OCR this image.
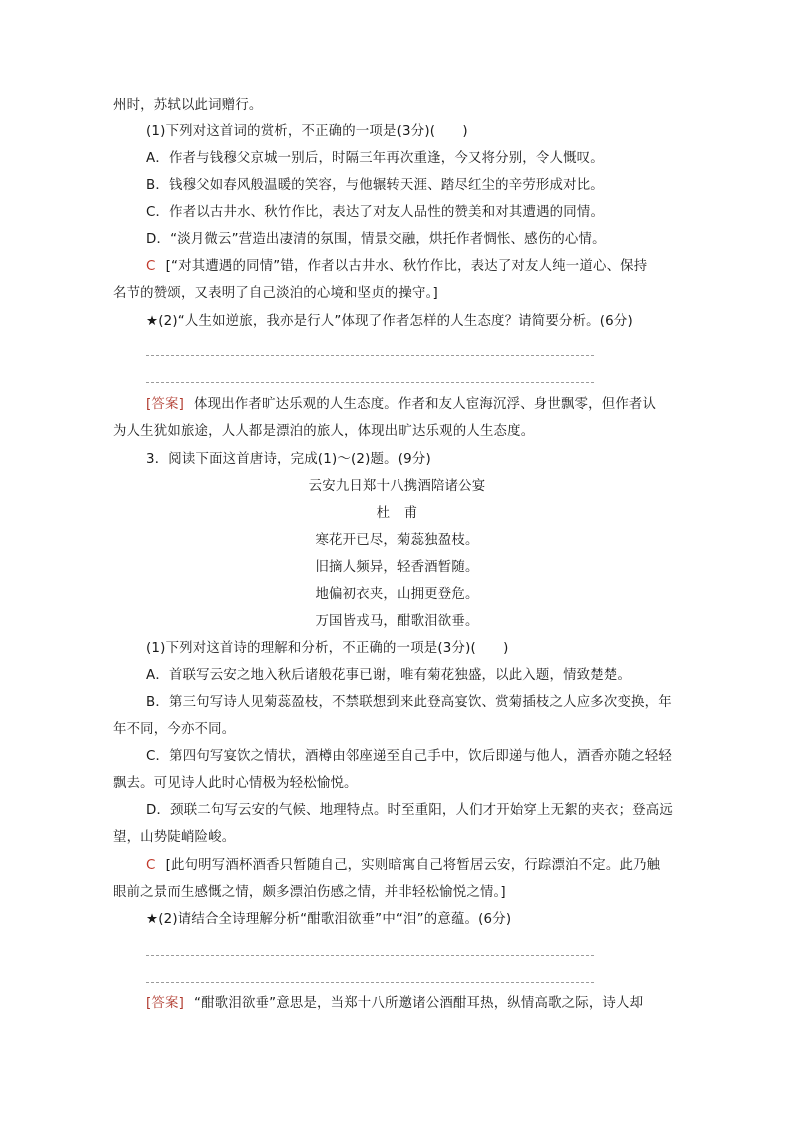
州时，苏轼以此词赠行。
(1)下列对这首词的赏析，不正确的一项是(3分)(　　)
A．作者与钱穆父京城一别后，时隔三年再次重逢，今又将分别，令人慨叹。
B．钱穆父如春风般温暖的笑容，与他辗转天涯、踏尽红尘的辛劳形成对比。
C．作者以古井水、秋竹作比，表达了对友人品性的赞美和对其遭遇的同情。
D．“淡月微云”营造出凄清的氛围，情景交融，烘托作者惆怅、感伤的心情。
C [“对其遭遇的同情”错，作者以古井水、秋竹作比，表达了对友人纯一道心、保持
名节的赞颂，又表明了自己淡泊的心境和坚贞的操守。]
★(2)“人生如逆旅，我亦是行人”体现了作者怎样的人生态度？请简要分析。(6分)
[答案] 体现出作者旷达乐观的人生态度。作者和友人宦海沉浮、身世飘零，但作者认
为人生犹如旅途，人人都是漂泊的旅人，体现出旷达乐观的人生态度。
3．阅读下面这首唐诗，完成(1)～(2)题。(9分)
云安九日郑十八携酒陪诸公宴
杜　甫
寒花开已尽，菊蕊独盈枝。
旧摘人频异，轻香酒暂随。
地偏初衣夹，山拥更登危。
万国皆戎马，酣歌泪欲垂。
(1)下列对这首诗的理解和分析，不正确的一项是(3分)(　　)
A．首联写云安之地入秋后诸般花事已谢，唯有菊花独盛，以此入题，情致楚楚。
B．第三句写诗人见菊蕊盈枝，不禁联想到来此登高宴饮、赏菊插枝之人应多次变换，年
年不同，今亦不同。
C．第四句写宴饮之情状，酒樽由邻座递至自己手中，饮后即递与他人，酒香亦随之轻轻
飘去。可见诗人此时心情极为轻松愉悦。
D．颈联二句写云安的气候、地理特点。时至重阳，人们才开始穿上无絮的夹衣；登高远
望，山势陡峭险峻。
C [此句明写酒杯酒香只暂随自己，实则暗寓自己将暂居云安，行踪漂泊不定。此乃触
眼前之景而生感慨之情，颇多漂泊伤感之情，并非轻松愉悦之情。]
★(2)请结合全诗理解分析“酣歌泪欲垂”中“泪”的意蕴。(6分)
[答案] “酣歌泪欲垂”意思是，当郑十八所邀诸公酒酣耳热，纵情高歌之际，诗人却
